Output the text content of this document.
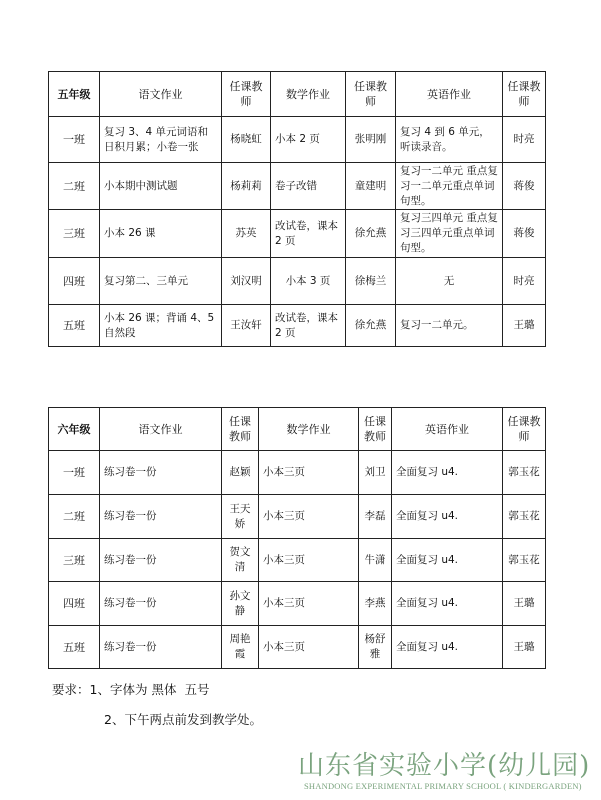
五年级	语文作业	任课教师	数学作业	任课教师	英语作业	任课教师
一班	复习 3、4 单元词语和日积月累；小卷一张	杨晓虹	小本 2 页	张明刚	复习 4 到 6 单元，听读录音。	时亮
二班	小本期中测试题	杨莉莉	卷子改错	童建明	复习一二单元 重点复习一二单元重点单词句型。	蒋俊
三班	小本 26 课	苏英	改试卷，课本 2 页	徐允燕	复习三四单元 重点复习三四单元重点单词句型。	蒋俊
四班	复习第二、三单元	刘汉明	小本 3 页	徐梅兰	无	时亮
五班	小本 26 课；背诵 4、5 自然段	王汝轩	改试卷，课本 2 页	徐允燕	复习一二单元。	王璐
六年级	语文作业	任课教师	数学作业	任课教师	英语作业	任课教师
一班	练习卷一份	赵颖	小本三页	刘卫	全面复习 u4.	郭玉花
二班	练习卷一份	王天娇	小本三页	李磊	全面复习 u4.	郭玉花
三班	练习卷一份	贺文清	小本三页	牛潇	全面复习 u4.	郭玉花
四班	练习卷一份	孙文静	小本三页	李燕	全面复习 u4.	王璐
五班	练习卷一份	周艳霞	小本三页	杨舒雅	全面复习 u4.	王璐
要求：1、字体为 黑体 五号
2、下午两点前发到教学处。
山东省实验小学(幼儿园)
SHANDONG EXPERIMENTAL PRIMARY SCHOOL ( KINDERGARDEN)
